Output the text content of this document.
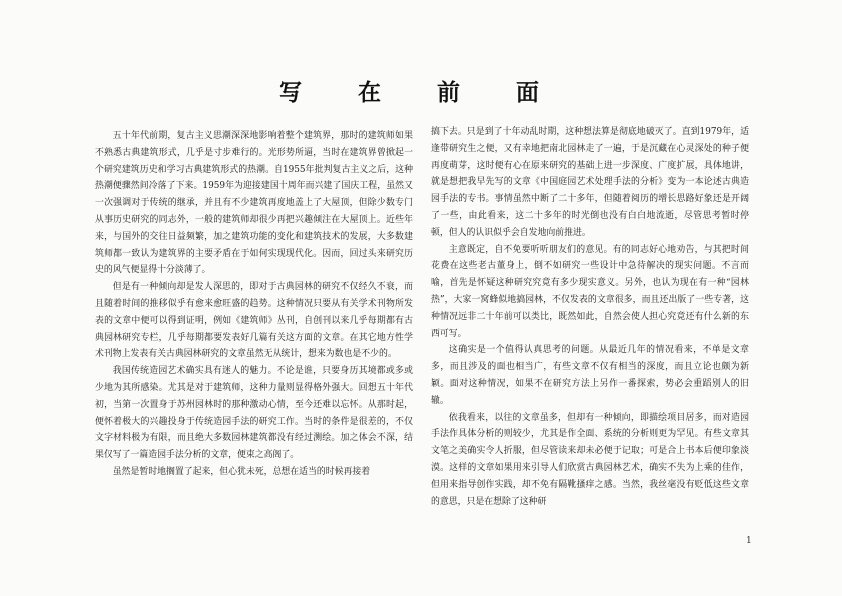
写 在 前 面

五十年代前期，复古主义思潮深深地影响着整个建筑界，那时的建筑师如果不熟悉古典建筑形式，几乎是寸步难行的。光形势所逼，当时在建筑界曾掀起一个研究建筑历史和学习古典建筑形式的热潮。自1955年批判复古主义之后，这种热潮便骤然间冷落了下来。1959年为迎接建国十周年而兴建了国庆工程，虽然又一次强调对于传统的继承，并且有不少建筑再度地盖上了大屋顶，但除少数专门从事历史研究的同志外，一般的建筑师却很少再把兴趣倾注在大屋顶上。近些年来，与国外的交往日益频繁，加之建筑功能的变化和建筑技术的发展，大多数建筑师都一致认为建筑界的主要矛盾在于如何实现现代化。因而，回过头来研究历史的风气便显得十分淡薄了。

但是有一种倾向却是发人深思的，即对于古典园林的研究不仅经久不衰，而且随着时间的推移似乎有愈来愈旺盛的趋势。这种情况只要从有关学术刊物所发表的文章中便可以得到证明，例如《建筑师》丛刊，自创刊以来几乎每期都有古典园林研究专栏，几乎每期都要发表好几篇有关这方面的文章。在其它地方性学术刊物上发表有关古典园林研究的文章虽然无从统计，想来为数也是不少的。

我国传统造园艺术确实具有迷人的魅力。不论是谁，只要身历其境都或多或少地为其所感染。尤其是对于建筑师，这种力量则显得格外强大。回想五十年代初，当第一次置身于苏州园林时的那种激动心情，至今还难以忘怀。从那时起，便怀着极大的兴趣投身于传统造园手法的研究工作。当时的条件是很差的，不仅文字材料极为有限，而且绝大多数园林建筑都没有经过测绘。加之体会不深，结果仅写了一篇造园手法分析的文章，便束之高阁了。

虽然是暂时地搁置了起来，但心犹未死，总想在适当的时候再接着

搞下去。只是到了十年动乱时期，这种想法算是彻底地破灭了。直到1979年，适逢带研究生之便，又有幸地把南北园林走了一遍，于是沉藏在心灵深处的种子便再度萌芽，这时便有心在原来研究的基础上进一步深度、广度扩展，具体地讲，就是想把我早先写的文章《中国庭园艺术处理手法的分析》变为一本论述古典造园手法的专书。事情虽然中断了二十多年，但随着阅历的增长思路好象还是开阔了一些，由此看来，这二十多年的时光倒也没有白白地流逝，尽管思考暂时停顿，但人的认识似乎会自发地向前推进。

主意既定，自不免要听听朋友们的意见。有的同志好心地劝告，与其把时间花费在这些老古董身上，倒不如研究一些设计中急待解决的现实问题。不言而喻，首先是怀疑这种研究究竟有多少现实意义。另外，也认为现在有一种“园林热”，大家一窝蜂似地搞园林，不仅发表的文章很多，而且还出版了一些专著，这种情况远非二十年前可以类比，既然如此，自然会使人担心究竟还有什么新的东西可写。

这确实是一个值得认真思考的问题。从最近几年的情况看来，不单是文章多，而且涉及的面也相当广，有些文章不仅有相当的深度，而且立论也颇为新颖。面对这种情况，如果不在研究方法上另作一番探索，势必会重蹈别人的旧辙。

依我看来，以往的文章虽多，但却有一种倾向，即描绘项目居多，而对造园手法作具体分析的则较少，尤其是作全面、系统的分析则更为罕见。有些文章其文笔之美确实令人折服，但尽管读来却未必便于记取；可是合上书本后便印象淡漠。这样的文章如果用来引导人们欣赏古典园林艺术，确实不失为上乘的佳作，但用来指导创作实践，却不免有隔靴搔痒之感。当然，我丝毫没有贬低这些文章的意思，只是在想除了这种研

1
